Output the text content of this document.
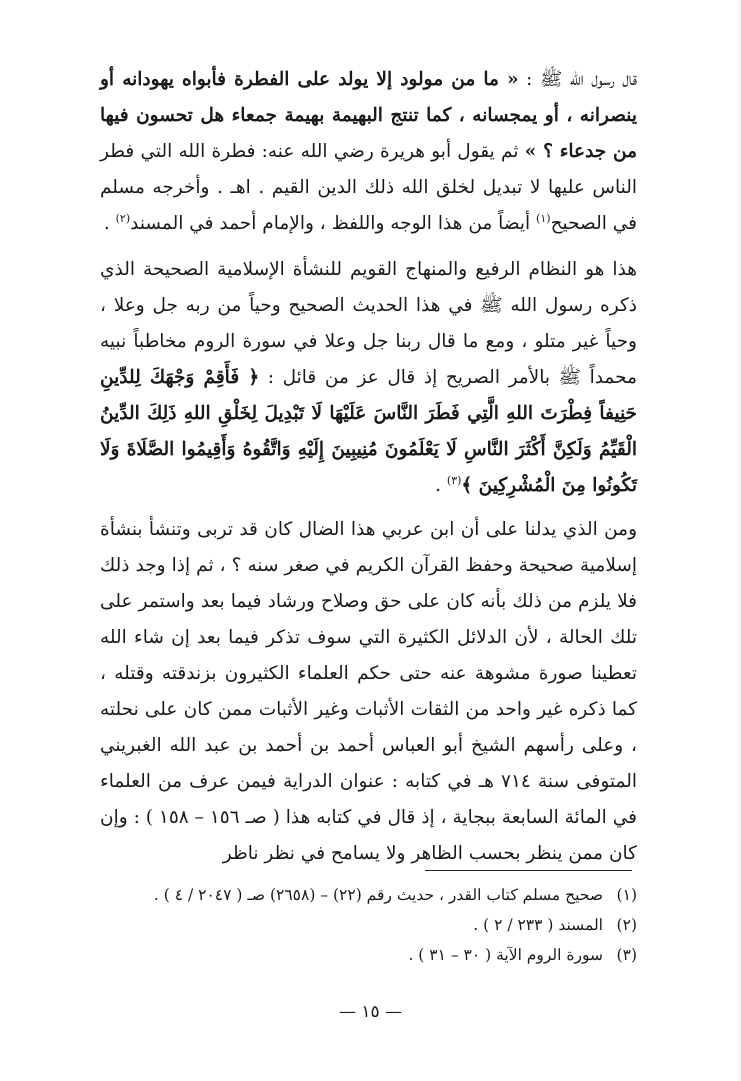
قال رسول الله ﷺ : « ما من مولود إلا يولد على الفطرة فأبواه يهودانه أو ينصرانه ، أو يمجسانه ، كما تنتج البهيمة بهيمة جمعاء هل تحسون فيها من جدعاء ؟ » ثم يقول أبو هريرة رضي الله عنه: فطرة الله التي فطر الناس عليها لا تبديل لخلق الله ذلك الدين القيم . اهـ . وأخرجه مسلم في الصحيح$^{(١)}$ أيضاً من هذا الوجه واللفظ ، والإمام أحمد في المسند$^{(٢)}$ .

هذا هو النظام الرفيع والمنهاج القويم للنشأة الإسلامية الصحيحة الذي ذكره رسول الله ﷺ في هذا الحديث الصحيح وحياً من ربه جل وعلا ، وحياً غير متلو ، ومع ما قال ربنا جل وعلا في سورة الروم مخاطباً نبيه محمداً ﷺ بالأمر الصريح إذ قال عز من قائل : ﴿ فَأَقِمْ وَجْهَكَ لِلدِّينِ حَنِيفاً فِطْرَتَ اللهِ الَّتِي فَطَرَ النَّاسَ عَلَيْهَا لَا تَبْدِيلَ لِخَلْقِ اللهِ ذَلِكَ الدِّينُ الْقَيِّمُ وَلَكِنَّ أَكْثَرَ النَّاسِ لَا يَعْلَمُونَ مُنِيبِينَ إِلَيْهِ وَاتَّقُوهُ وَأَقِيمُوا الصَّلَاةَ وَلَا تَكُونُوا مِنَ الْمُشْرِكِينَ ﴾$^{(٣)}$ .

ومن الذي يدلنا على أن ابن عربي هذا الضال كان قد تربى وتنشأ بنشأة إسلامية صحيحة وحفظ القرآن الكريم في صغر سنه ؟ ، ثم إذا وجد ذلك فلا يلزم من ذلك بأنه كان على حق وصلاح ورشاد فيما بعد واستمر على تلك الحالة ، لأن الدلائل الكثيرة التي سوف تذكر فيما بعد إن شاء الله تعطينا صورة مشوهة عنه حتى حكم العلماء الكثيرون بزندقته وقتله ، كما ذكره غير واحد من الثقات الأثبات وغير الأثبات ممن كان على نحلته ، وعلى رأسهم الشيخ أبو العباس أحمد بن أحمد بن عبد الله الغبريني المتوفى سنة ٧١٤ هـ في كتابه : عنوان الدراية فيمن عرف من العلماء في المائة السابعة ببجاية ، إذ قال في كتابه هذا ( صـ ١٥٦ – ١٥٨ ) : وإن كان ممن ينظر بحسب الظاهر ولا يسامح في نظر ناظر

(١)صحيح مسلم كتاب القدر ، حديث رقم (٢٢) – (٢٦٥٨) صـ ( ٢٠٤٧ / ٤ ) .
(٢)المسند ( ٢٣٣ / ٢ ) .
(٣)سورة الروم الآية ( ٣٠ – ٣١ ) .
— ١٥ —
